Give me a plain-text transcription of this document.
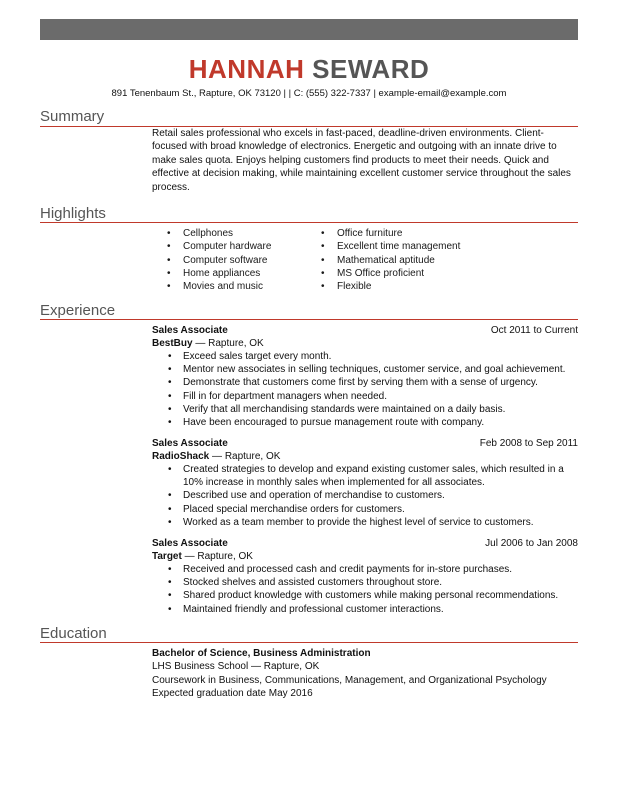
HANNAH SEWARD
891 Tenenbaum St., Rapture, OK 73120 | | C: (555) 322-7337 | example-email@example.com
Summary
Retail sales professional who excels in fast-paced, deadline-driven environments. Client-focused with broad knowledge of electronics. Energetic and outgoing with an innate drive to make sales quota. Enjoys helping customers find products to meet their needs. Quick and effective at decision making, while maintaining excellent customer service throughout the sales process.
Highlights
• Cellphones
• Computer hardware
• Computer software
• Home appliances
• Movies and music
• Office furniture
• Excellent time management
• Mathematical aptitude
• MS Office proficient
• Flexible
Experience
Sales Associate	Oct 2011 to Current
BestBuy — Rapture, OK
• Exceed sales target every month.
• Mentor new associates in selling techniques, customer service, and goal achievement.
• Demonstrate that customers come first by serving them with a sense of urgency.
• Fill in for department managers when needed.
• Verify that all merchandising standards were maintained on a daily basis.
• Have been encouraged to pursue management route with company.
Sales Associate	Feb 2008 to Sep 2011
RadioShack — Rapture, OK
• Created strategies to develop and expand existing customer sales, which resulted in a 10% increase in monthly sales when implemented for all associates.
• Described use and operation of merchandise to customers.
• Placed special merchandise orders for customers.
• Worked as a team member to provide the highest level of service to customers.
Sales Associate	Jul 2006 to Jan 2008
Target — Rapture, OK
• Received and processed cash and credit payments for in-store purchases.
• Stocked shelves and assisted customers throughout store.
• Shared product knowledge with customers while making personal recommendations.
• Maintained friendly and professional customer interactions.
Education
Bachelor of Science, Business Administration
LHS Business School — Rapture, OK
Coursework in Business, Communications, Management, and Organizational Psychology
Expected graduation date May 2016
